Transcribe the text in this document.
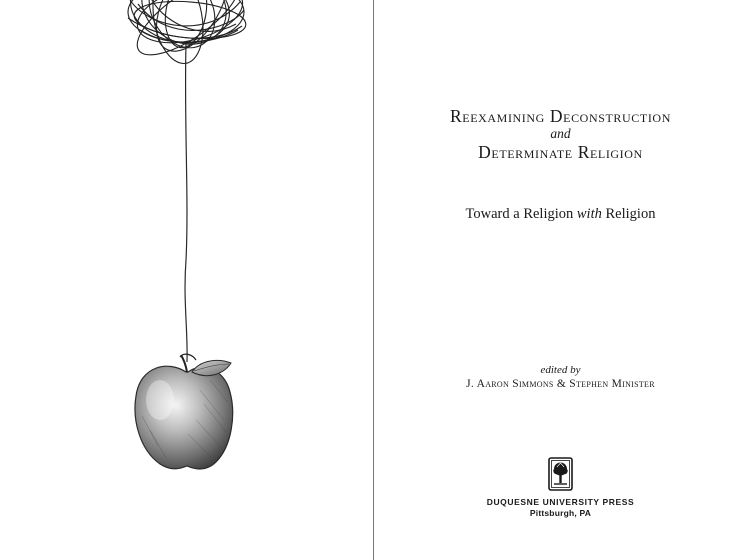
Reexamining Deconstruction
and
Determinate Religion
Toward a Religion with Religion
edited by
J. Aaron Simmons & Stephen Minister
DUQUESNE UNIVERSITY PRESS
Pittsburgh, PA
